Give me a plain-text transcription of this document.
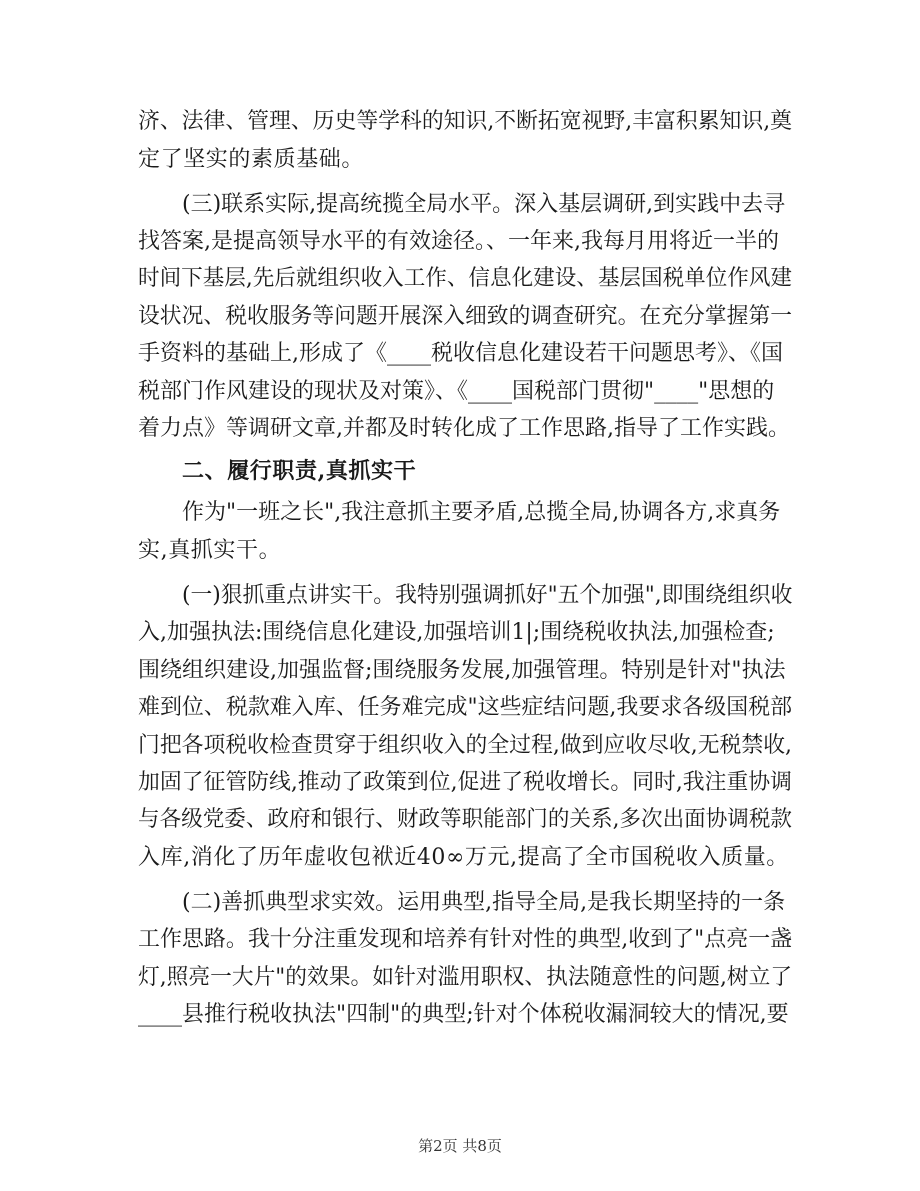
济、法律、管理、历史等学科的知识,不断拓宽视野,丰富积累知识,奠
定了坚实的素质基础。
(三)联系实际,提高统揽全局水平。深入基层调研,到实践中去寻
找答案,是提高领导水平的有效途径。、一年来,我每月用将近一半的
时间下基层,先后就组织收入工作、信息化建设、基层国税单位作风建
设状况、税收服务等问题开展深入细致的调查研究。在充分掌握第一
手资料的基础上,形成了《____税收信息化建设若干问题思考》、《国
税部门作风建设的现状及对策》、《____国税部门贯彻"____"思想的
着力点》等调研文章,并都及时转化成了工作思路,指导了工作实践。
二、履行职责,真抓实干
作为"一班之长",我注意抓主要矛盾,总揽全局,协调各方,求真务
实,真抓实干。
(一)狠抓重点讲实干。我特别强调抓好"五个加强",即围绕组织收
入,加强执法:围绕信息化建设,加强培训1|;围绕税收执法,加强检查;
围绕组织建设,加强监督;围绕服务发展,加强管理。特别是针对"执法
难到位、税款难入库、任务难完成"这些症结问题,我要求各级国税部
门把各项税收检查贯穿于组织收入的全过程,做到应收尽收,无税禁收,
加固了征管防线,推动了政策到位,促进了税收增长。同时,我注重协调
与各级党委、政府和银行、财政等职能部门的关系,多次出面协调税款
入库,消化了历年虚收包袱近40∞万元,提高了全市国税收入质量。
(二)善抓典型求实效。运用典型,指导全局,是我长期坚持的一条
工作思路。我十分注重发现和培养有针对性的典型,收到了"点亮一盏
灯,照亮一大片"的效果。如针对滥用职权、执法随意性的问题,树立了
____县推行税收执法"四制"的典型;针对个体税收漏洞较大的情况,要
第2页 共8页
